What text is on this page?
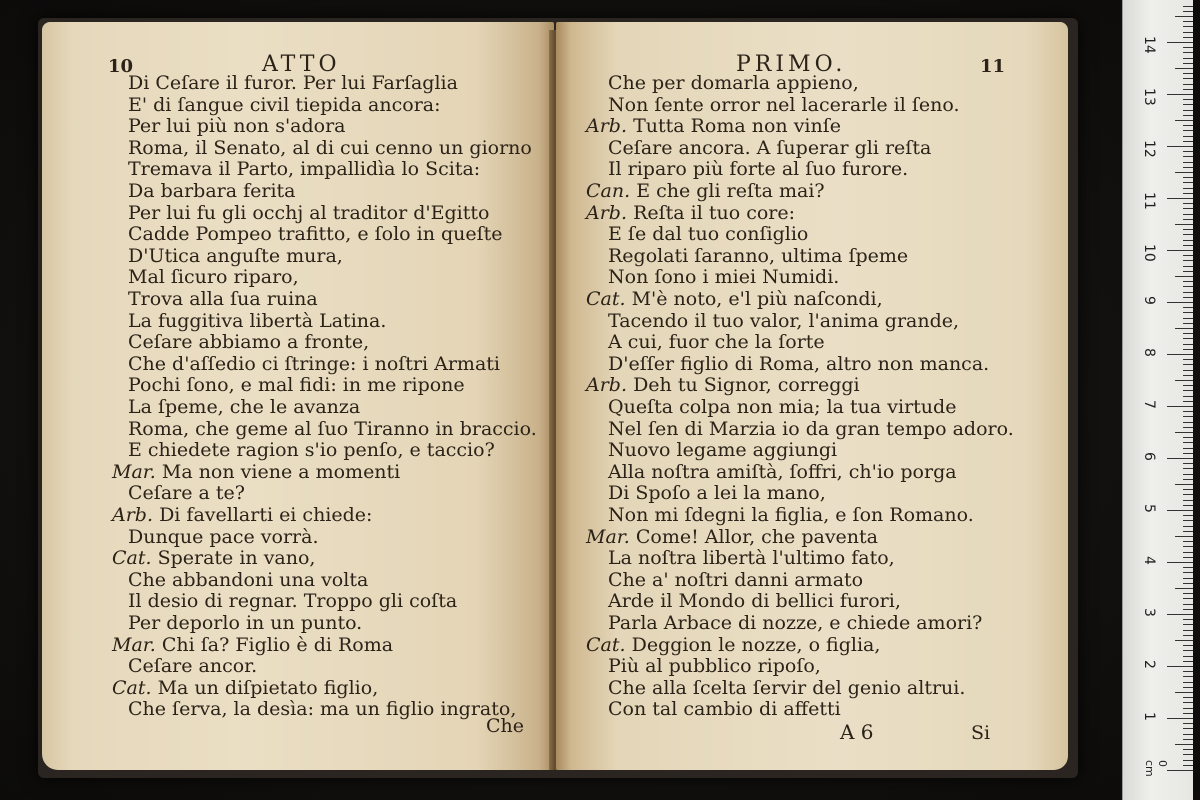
10	ATTO
Di Ceſare il furor. Per lui Farſaglia
E' di ſangue civil tiepida ancora:
Per lui più non s'adora
Roma, il Senato, al di cui cenno un giorno
Tremava il Parto, impallidìa lo Scita:
Da barbara ferita
Per lui fu gli occhj al traditor d'Egitto
Cadde Pompeo trafitto, e ſolo in queſte
D'Utica anguſte mura,
Mal ſicuro riparo,
Trova alla ſua ruina
La fuggitiva libertà Latina.
Ceſare abbiamo a fronte,
Che d'aſſedio ci ſtringe: i noſtri Armati
Pochi ſono, e mal fidi: in me ripone
La ſpeme, che le avanza
Roma, che geme al ſuo Tiranno in braccio.
E chiedete ragion s'io penſo, e taccio?
Mar. Ma non viene a momenti
Ceſare a te?
Arb. Di favellarti ei chiede:
Dunque pace vorrà.
Cat. Sperate in vano,
Che abbandoni una volta
Il desio di regnar. Troppo gli coſta
Per deporlo in un punto.
Mar. Chi ſa? Figlio è di Roma
Ceſare ancor.
Cat. Ma un diſpietato figlio,
Che ſerva, la desìa: ma un figlio ingrato,
Che
PRIMO.	11
Che per domarla appieno,
Non ſente orror nel lacerarle il ſeno.
Arb. Tutta Roma non vinſe
Ceſare ancora. A ſuperar gli reſta
Il riparo più forte al ſuo furore.
Can. E che gli reſta mai?
Arb. Reſta il tuo core:
E ſe dal tuo conſiglio
Regolati ſaranno, ultima ſpeme
Non ſono i miei Numidi.
Cat. M'è noto, e'l più naſcondi,
Tacendo il tuo valor, l'anima grande,
A cui, fuor che la ſorte
D'eſſer figlio di Roma, altro non manca.
Arb. Deh tu Signor, correggi
Queſta colpa non mia; la tua virtude
Nel ſen di Marzia io da gran tempo adoro.
Nuovo legame aggiungi
Alla noſtra amiſtà, ſoffri, ch'io porga
Di Spoſo a lei la mano,
Non mi ſdegni la figlia, e ſon Romano.
Mar. Come! Allor, che paventa
La noſtra libertà l'ultimo fato,
Che a' noſtri danni armato
Arde il Mondo di bellici furori,
Parla Arbace di nozze, e chiede amori?
Cat. Deggion le nozze, o figlia,
Più al pubblico ripoſo,
Che alla ſcelta ſervir del genio altrui.
Con tal cambio di affetti
A 6	Si
0 cm
1
2
3
4
5
6
7
8
9
10
11
12
13
14
